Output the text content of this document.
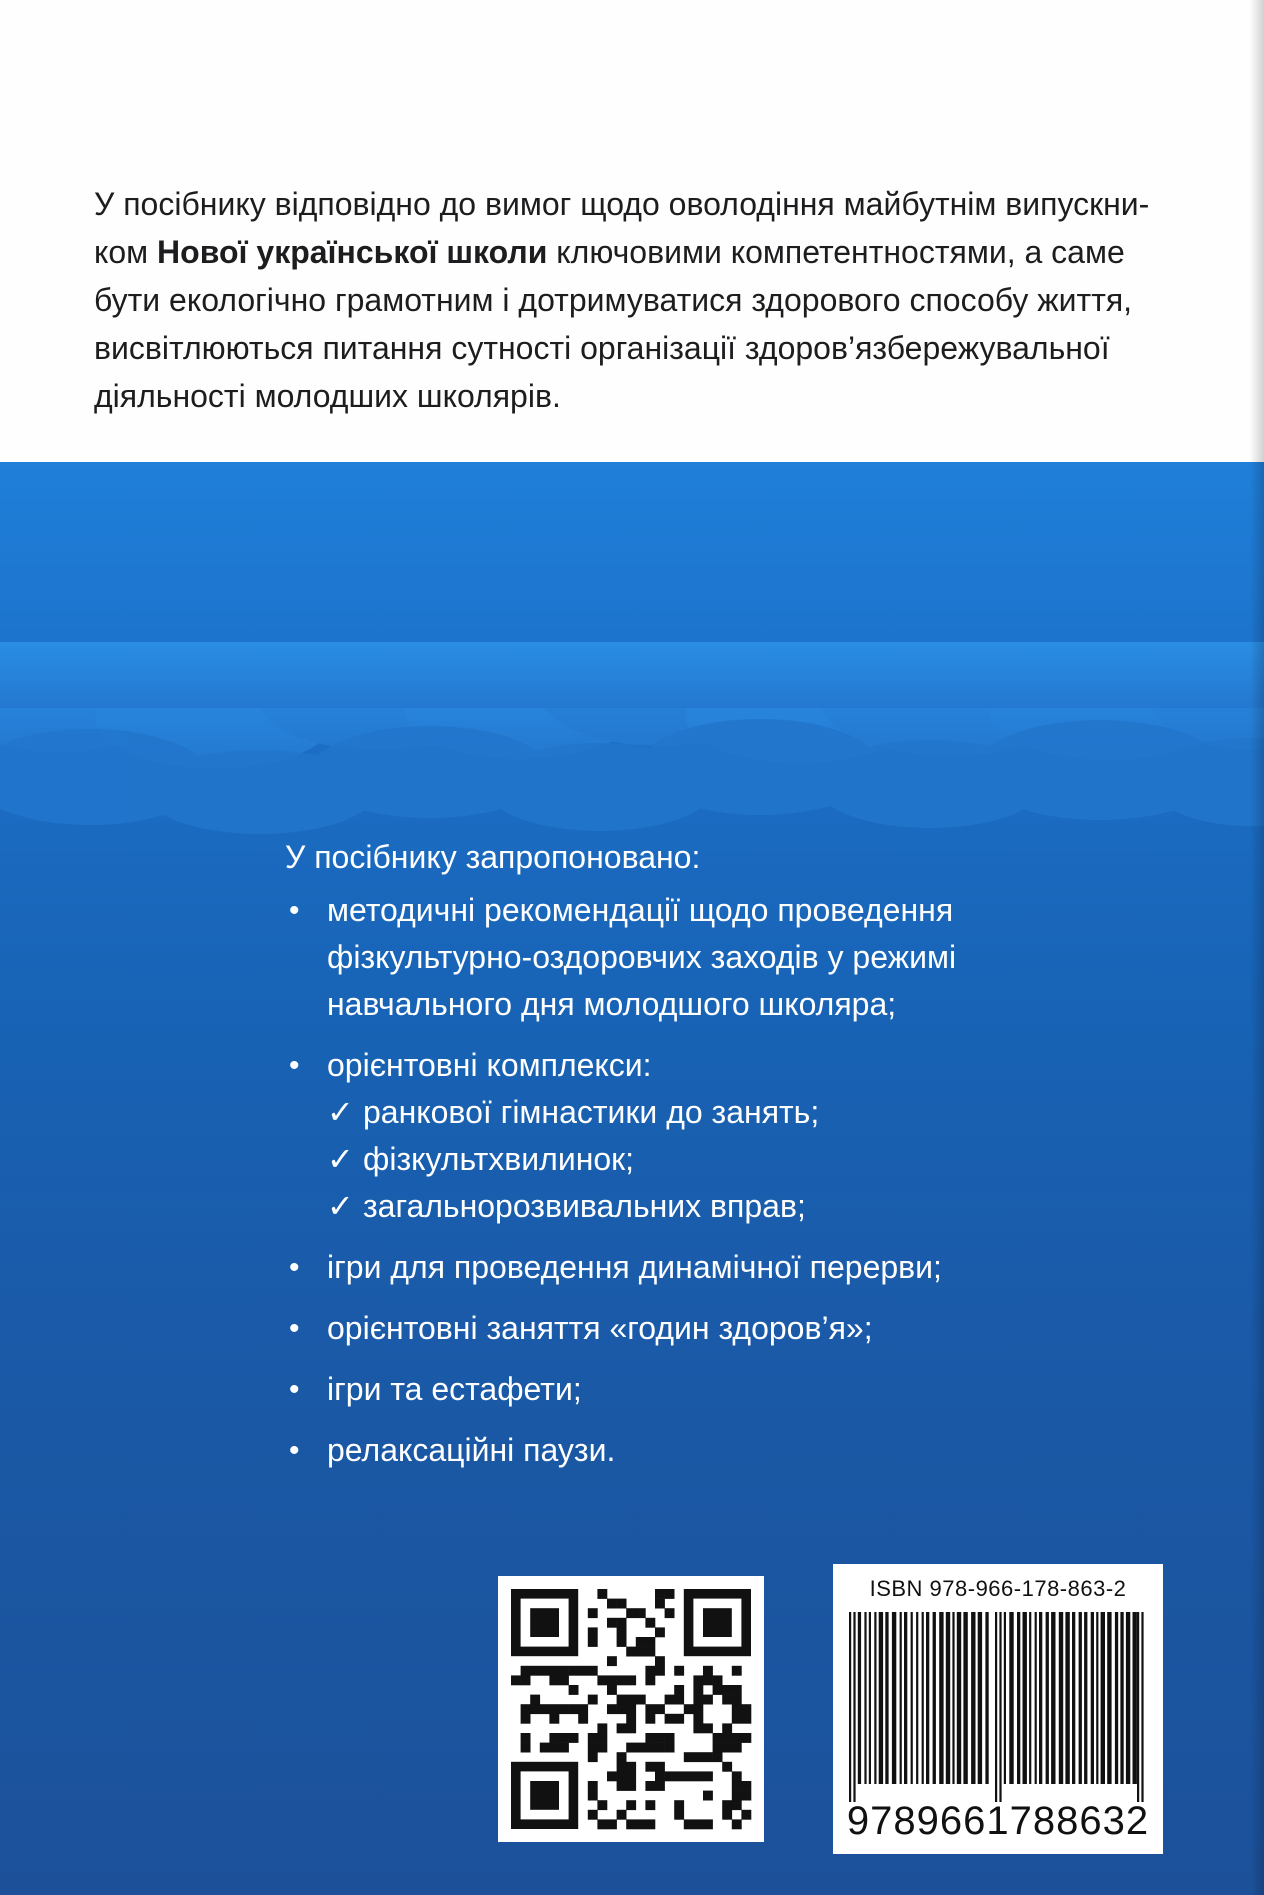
У посібнику відповідно до вимог щодо оволодіння майбутнім випускни-
ком Нової української школи ключовими компетентностями, а саме
бути екологічно грамотним і дотримуватися здорового способу життя,
висвітлюються питання сутності організації здоров’язбережувальної
діяльності молодших школярів.
У посібнику запропоновано:
• методичні рекомендації щодо проведення
фізкультурно-оздоровчих заходів у режимі
навчального дня молодшого школяра;
• орієнтовні комплекси:
✓ ранкової гімнастики до занять;
✓ фізкультхвилинок;
✓ загальнорозвивальних вправ;
• ігри для проведення динамічної перерви;
• орієнтовні заняття «годин здоров’я»;
• ігри та естафети;
• релаксаційні паузи.
ISBN 978-966-178-863-2
9789661788632
